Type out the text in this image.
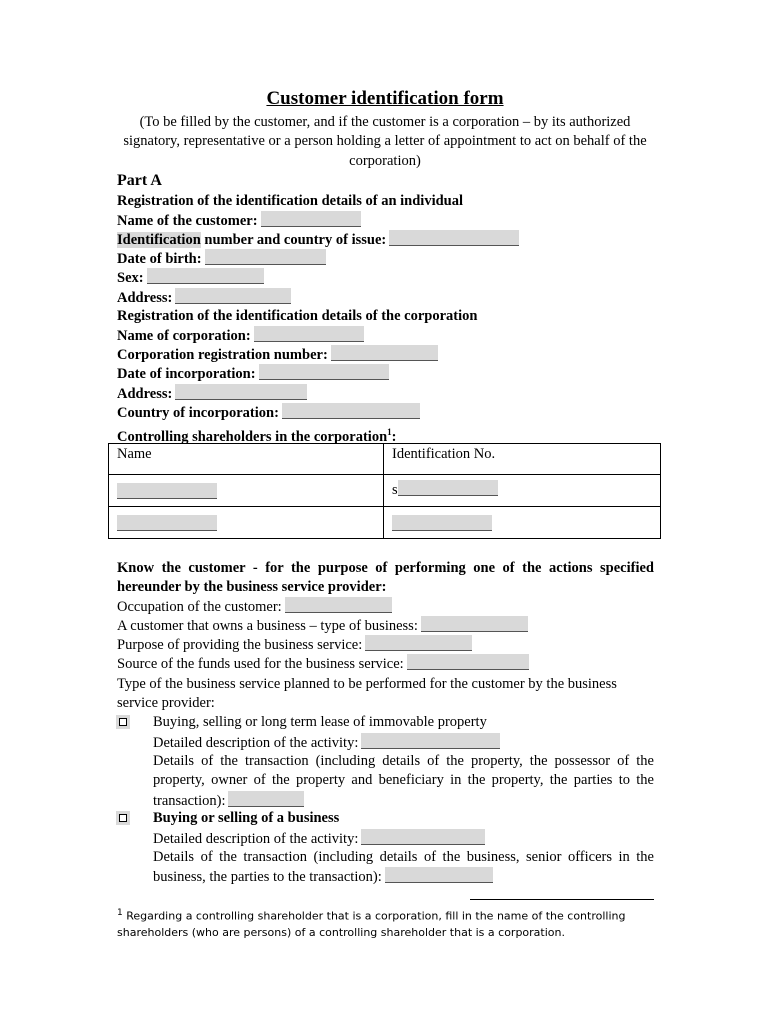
Customer identification form
(To be filled by the customer, and if the customer is a corporation – by its authorized signatory, representative or a person holding a letter of appointment to act on behalf of the corporation)
Part A
Registration of the identification details of an individual
Name of the customer:
Identification number and country of issue:
Date of birth:
Sex:
Address:
Registration of the identification details of the corporation
Name of corporation:
Corporation registration number:
Date of incorporation:
Address:
Country of incorporation:
Controlling shareholders in the corporation$^1$:
Name	Identification No.
	s

Know the customer - for the purpose of performing one of the actions specified hereunder by the business service provider:
Occupation of the customer:
A customer that owns a business – type of business:
Purpose of providing the business service:
Source of the funds used for the business service:
Type of the business service planned to be performed for the customer by the business service provider:
Buying, selling or long term lease of immovable property
Detailed description of the activity:
Details of the transaction (including details of the property, the possessor of the property, owner of the property and beneficiary in the property, the parties to the transaction):
Buying or selling of a business
Detailed description of the activity:
Details of the transaction (including details of the business, senior officers in the business, the parties to the transaction):
$^1$ Regarding a controlling shareholder that is a corporation, fill in the name of the controlling shareholders (who are persons) of a controlling shareholder that is a corporation.
